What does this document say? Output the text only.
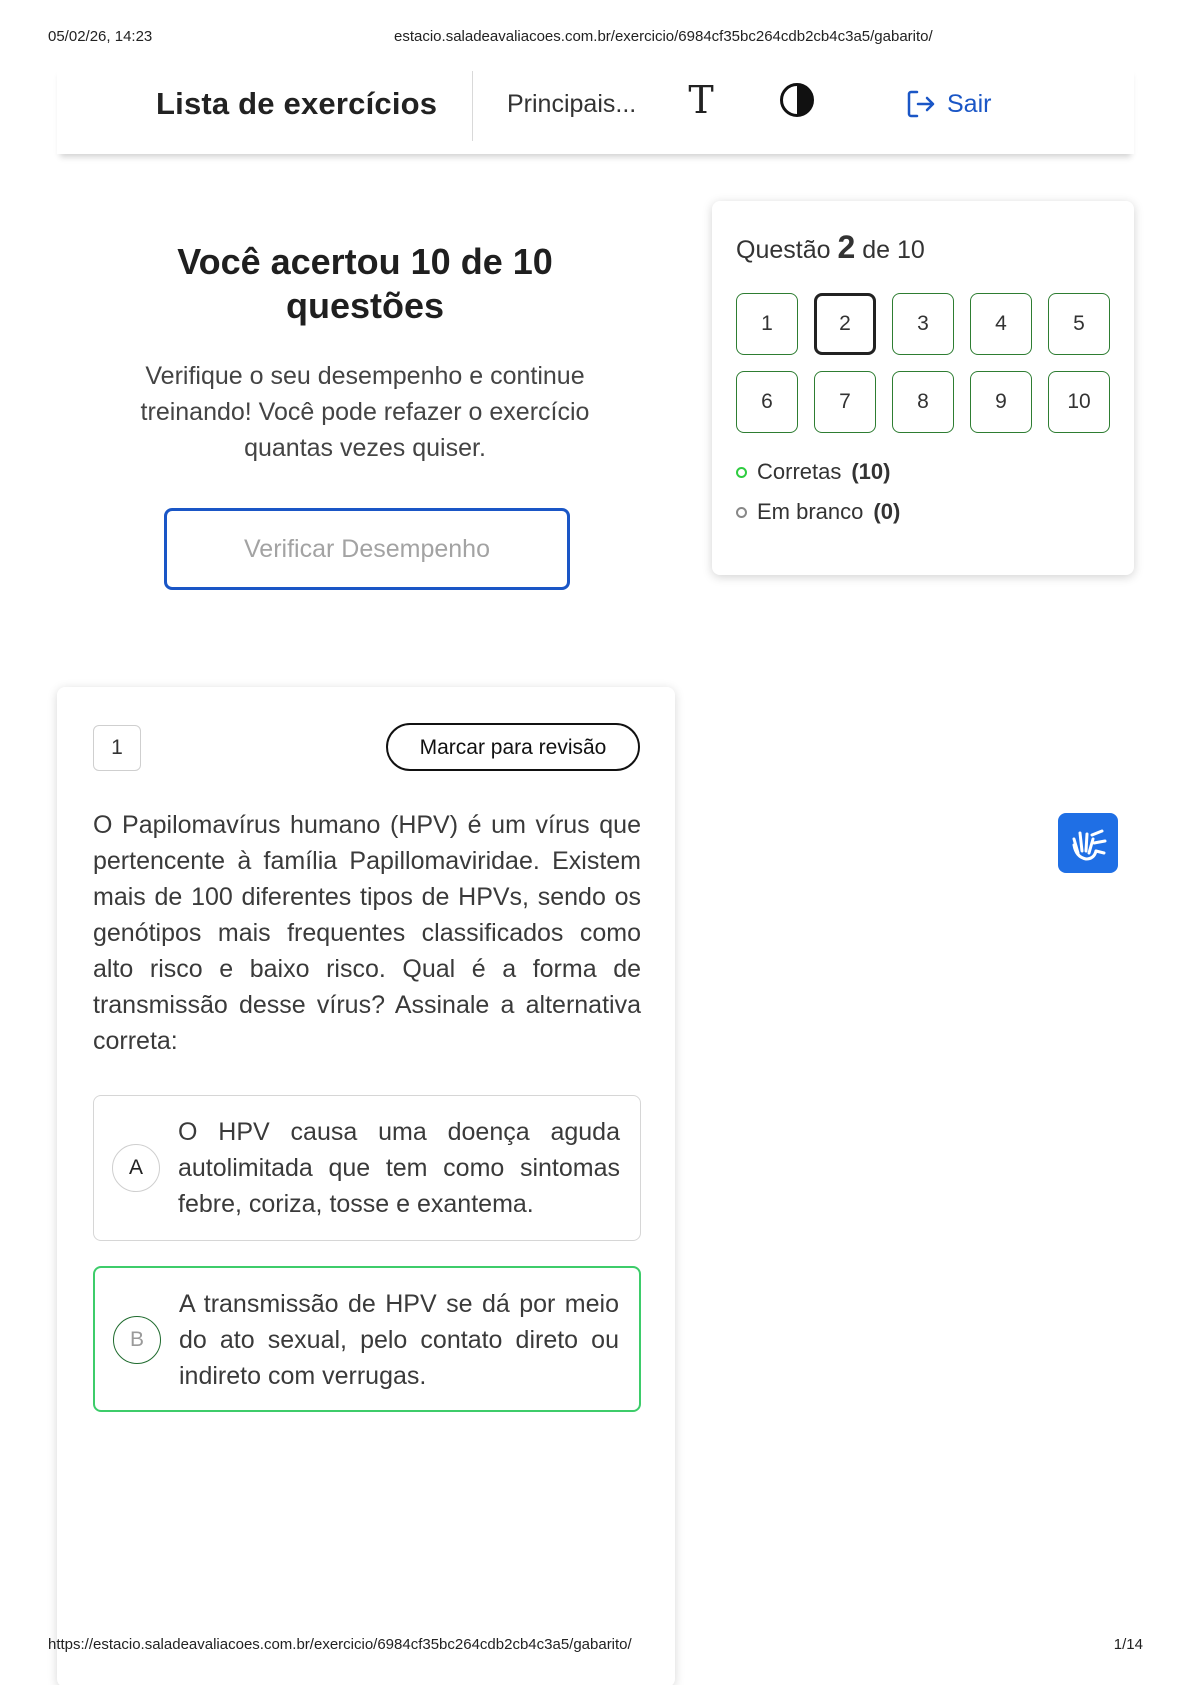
05/02/26, 14:23	estacio.saladeavaliacoes.com.br/exercicio/6984cf35bc264cdb2cb4c3a5/gabarito/
Lista de exercícios	Principais... T	Sair
Você acertou 10 de 10 questões

Verifique o seu desempenho e continue treinando! Você pode refazer o exercício quantas vezes quiser.

Verificar Desempenho
Questão 2 de 10
1	2	3	4	5
6	7	8	9	10
Corretas (10)
Em branco (0)
1	Marcar para revisão
O Papilomavírus humano (HPV) é um vírus que pertencente à família Papillomaviridae. Existem mais de 100 diferentes tipos de HPVs, sendo os genótipos mais frequentes classificados como alto risco e baixo risco. Qual é a forma de transmissão desse vírus? Assinale a alternativa correta:
A
O HPV causa uma doença aguda autolimitada que tem como sintomas febre, coriza, tosse e exantema.
B
A transmissão de HPV se dá por meio do ato sexual, pelo contato direto ou indireto com verrugas.
https://estacio.saladeavaliacoes.com.br/exercicio/6984cf35bc264cdb2cb4c3a5/gabarito/	1/14
